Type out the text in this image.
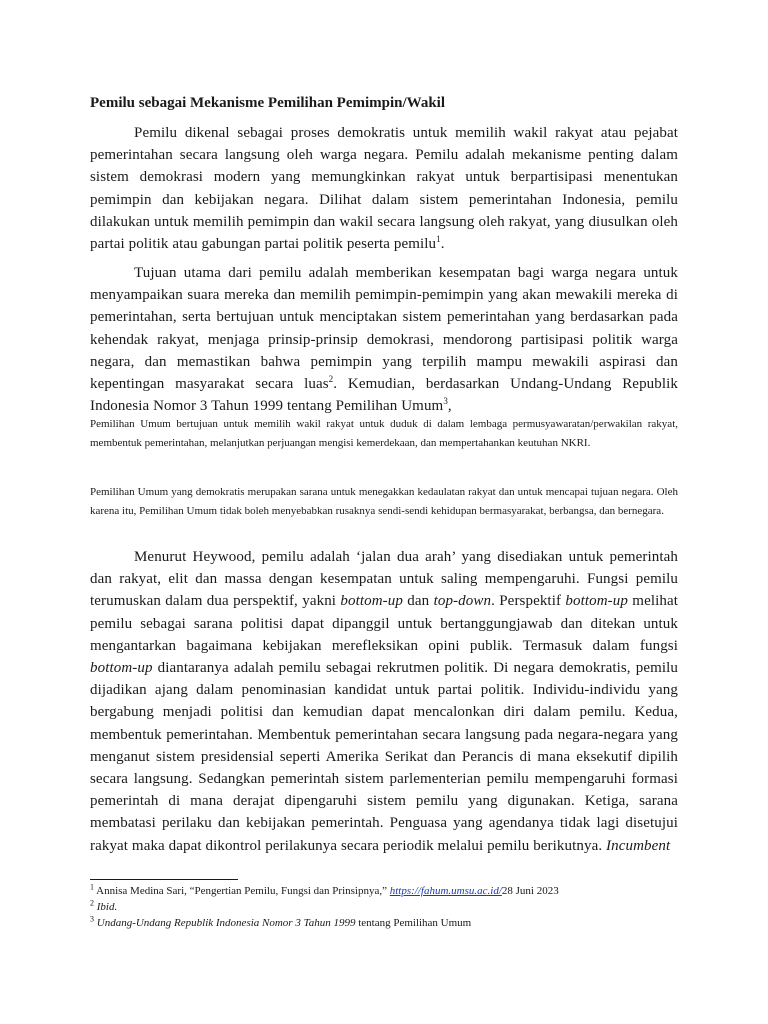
Pemilu sebagai Mekanisme Pemilihan Pemimpin/Wakil

Pemilu dikenal sebagai proses demokratis untuk memilih wakil rakyat atau pejabat pemerintahan secara langsung oleh warga negara. Pemilu adalah mekanisme penting dalam sistem demokrasi modern yang memungkinkan rakyat untuk berpartisipasi menentukan pemimpin dan kebijakan negara. Dilihat dalam sistem pemerintahan Indonesia, pemilu dilakukan untuk memilih pemimpin dan wakil secara langsung oleh rakyat, yang diusulkan oleh partai politik atau gabungan partai politik peserta pemilu$^1$.

Tujuan utama dari pemilu adalah memberikan kesempatan bagi warga negara untuk menyampaikan suara mereka dan memilih pemimpin-pemimpin yang akan mewakili mereka di pemerintahan, serta bertujuan untuk menciptakan sistem pemerintahan yang berdasarkan pada kehendak rakyat, menjaga prinsip-prinsip demokrasi, mendorong partisipasi politik warga negara, dan memastikan bahwa pemimpin yang terpilih mampu mewakili aspirasi dan kepentingan masyarakat secara luas$^2$. Kemudian, berdasarkan Undang-Undang Republik Indonesia Nomor 3 Tahun 1999 tentang Pemilihan Umum$^3$,

Pemilihan Umum bertujuan untuk memilih wakil rakyat untuk duduk di dalam lembaga permusyawaratan/perwakilan rakyat, membentuk pemerintahan, melanjutkan perjuangan mengisi kemerdekaan, dan mempertahankan keutuhan NKRI.

Pemilihan Umum yang demokratis merupakan sarana untuk menegakkan kedaulatan rakyat dan untuk mencapai tujuan negara. Oleh karena itu, Pemilihan Umum tidak boleh menyebabkan rusaknya sendi-sendi kehidupan bermasyarakat, berbangsa, dan bernegara.

Menurut Heywood, pemilu adalah ‘jalan dua arah’ yang disediakan untuk pemerintah dan rakyat, elit dan massa dengan kesempatan untuk saling mempengaruhi. Fungsi pemilu terumuskan dalam dua perspektif, yakni bottom-up dan top-down. Perspektif bottom-up melihat pemilu sebagai sarana politisi dapat dipanggil untuk bertanggungjawab dan ditekan untuk mengantarkan bagaimana kebijakan merefleksikan opini publik. Termasuk dalam fungsi bottom-up diantaranya adalah pemilu sebagai rekrutmen politik. Di negara demokratis, pemilu dijadikan ajang dalam penominasian kandidat untuk partai politik. Individu-individu yang bergabung menjadi politisi dan kemudian dapat mencalonkan diri dalam pemilu. Kedua, membentuk pemerintahan. Membentuk pemerintahan secara langsung pada negara-negara yang menganut sistem presidensial seperti Amerika Serikat dan Perancis di mana eksekutif dipilih secara langsung. Sedangkan pemerintah sistem parlementerian pemilu mempengaruhi formasi pemerintah di mana derajat dipengaruhi sistem pemilu yang digunakan. Ketiga, sarana membatasi perilaku dan kebijakan pemerintah. Penguasa yang agendanya tidak lagi disetujui rakyat maka dapat dikontrol perilakunya secara periodik melalui pemilu berikutnya. Incumbent

$^1$ Annisa Medina Sari, “Pengertian Pemilu, Fungsi dan Prinsipnya,” https://fahum.umsu.ac.id/28 Juni 2023

$^2$ Ibid.

$^3$ Undang-Undang Republik Indonesia Nomor 3 Tahun 1999 tentang Pemilihan Umum
